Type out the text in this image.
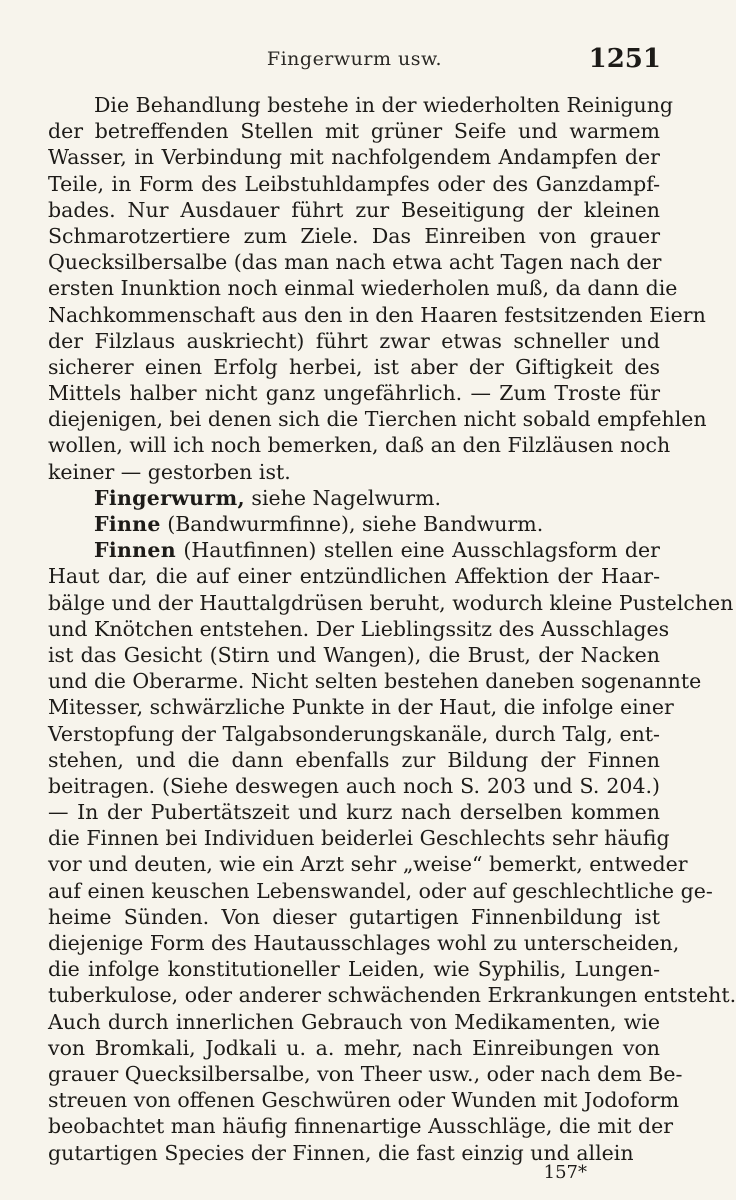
Fingerwurm usw.	1251
Die Behandlung bestehe in der wiederholten Reinigung
der betreffenden Stellen mit grüner Seife und warmem
Wasser, in Verbindung mit nachfolgendem Andampfen der
Teile, in Form des Leibstuhldampfes oder des Ganzdampf-
bades. Nur Ausdauer führt zur Beseitigung der kleinen
Schmarotzertiere zum Ziele. Das Einreiben von grauer
Quecksilbersalbe (das man nach etwa acht Tagen nach der
ersten Inunktion noch einmal wiederholen muß, da dann die
Nachkommenschaft aus den in den Haaren festsitzenden Eiern
der Filzlaus auskriecht) führt zwar etwas schneller und
sicherer einen Erfolg herbei, ist aber der Giftigkeit des
Mittels halber nicht ganz ungefährlich. — Zum Troste für
diejenigen, bei denen sich die Tierchen nicht sobald empfehlen
wollen, will ich noch bemerken, daß an den Filzläusen noch
keiner — gestorben ist.
Fingerwurm, siehe Nagelwurm.
Finne (Bandwurmfinne), siehe Bandwurm.
Finnen (Hautfinnen) stellen eine Ausschlagsform der
Haut dar, die auf einer entzündlichen Affektion der Haar-
bälge und der Hauttalgdrüsen beruht, wodurch kleine Pustelchen
und Knötchen entstehen. Der Lieblingssitz des Ausschlages
ist das Gesicht (Stirn und Wangen), die Brust, der Nacken
und die Oberarme. Nicht selten bestehen daneben sogenannte
Mitesser, schwärzliche Punkte in der Haut, die infolge einer
Verstopfung der Talgabsonderungskanäle, durch Talg, ent-
stehen, und die dann ebenfalls zur Bildung der Finnen
beitragen. (Siehe deswegen auch noch S. 203 und S. 204.)
— In der Pubertätszeit und kurz nach derselben kommen
die Finnen bei Individuen beiderlei Geschlechts sehr häufig
vor und deuten, wie ein Arzt sehr „weise“ bemerkt, entweder
auf einen keuschen Lebenswandel, oder auf geschlechtliche ge-
heime Sünden. Von dieser gutartigen Finnenbildung ist
diejenige Form des Hautausschlages wohl zu unterscheiden,
die infolge konstitutioneller Leiden, wie Syphilis, Lungen-
tuberkulose, oder anderer schwächenden Erkrankungen entsteht.
Auch durch innerlichen Gebrauch von Medikamenten, wie
von Bromkali, Jodkali u. a. mehr, nach Einreibungen von
grauer Quecksilbersalbe, von Theer usw., oder nach dem Be-
streuen von offenen Geschwüren oder Wunden mit Jodoform
beobachtet man häufig finnenartige Ausschläge, die mit der
gutartigen Species der Finnen, die fast einzig und allein
157*
